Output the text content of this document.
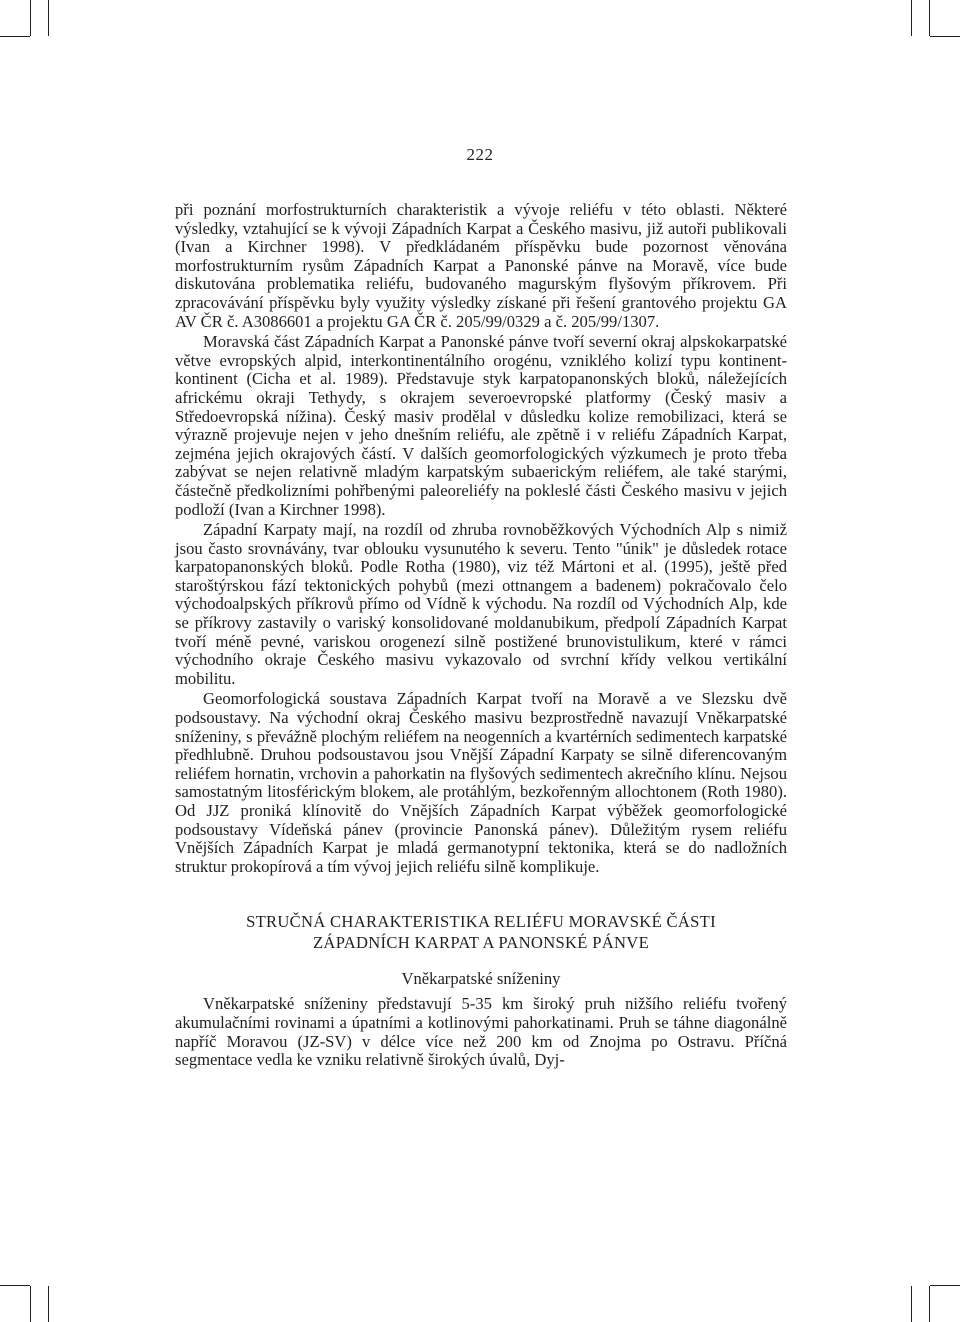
222

při poznání morfostrukturních charakteristik a vývoje reliéfu v této oblasti. Některé výsledky, vztahující se k vývoji Západních Karpat a Českého masivu, již autoři publikovali (Ivan a Kirchner 1998). V předkládaném příspěvku bude pozornost věnována morfostrukturním rysům Západních Karpat a Panonské pánve na Moravě, více bude diskutována problematika reliéfu, budovaného magurským flyšovým příkrovem. Při zpracovávání příspěvku byly využity výsledky získané při řešení grantového projektu GA AV ČR č. A3086601 a projektu GA ČR č. 205/99/0329 a č. 205/99/1307.

Moravská část Západních Karpat a Panonské pánve tvoří severní okraj alpskokarpatské větve evropských alpid, interkontinentálního orogénu, vzniklého kolizí typu kontinent-kontinent (Cicha et al. 1989). Představuje styk karpatopanonských bloků, náležejících africkému okraji Tethydy, s okrajem severoevropské platformy (Český masiv a Středoevropská nížina). Český masiv prodělal v důsledku kolize remobilizaci, která se výrazně projevuje nejen v jeho dnešním reliéfu, ale zpětně i v reliéfu Západních Karpat, zejména jejich okrajových částí. V dalších geomorfologických výzkumech je proto třeba zabývat se nejen relativně mladým karpatským subaerickým reliéfem, ale také starými, částečně předkolizními pohřbenými paleoreliéfy na pokleslé části Českého masivu v jejich podloží (Ivan a Kirchner 1998).

Západní Karpaty mají, na rozdíl od zhruba rovnoběžkových Východních Alp s nimiž jsou často srovnávány, tvar oblouku vysunutého k severu. Tento "únik" je důsledek rotace karpatopanonských bloků. Podle Rotha (1980), viz též Mártoni et al. (1995), ještě před staroštýrskou fází tektonických pohybů (mezi ottnangem a badenem) pokračovalo čelo východoalpských příkrovů přímo od Vídně k východu. Na rozdíl od Východních Alp, kde se příkrovy zastavily o variský konsolidované moldanubikum, předpolí Západních Karpat tvoří méně pevné, variskou orogenezí silně postižené brunovistulikum, které v rámci východního okraje Českého masivu vykazovalo od svrchní křídy velkou vertikální mobilitu.

Geomorfologická soustava Západních Karpat tvoří na Moravě a ve Slezsku dvě podsoustavy. Na východní okraj Českého masivu bezprostředně navazují Vněkarpatské sníženiny, s převážně plochým reliéfem na neogenních a kvartérních sedimentech karpatské předhlubně. Druhou podsoustavou jsou Vnější Západní Karpaty se silně diferencovaným reliéfem hornatin, vrchovin a pahorkatin na flyšových sedimentech akrečního klínu. Nejsou samostatným litosférickým blokem, ale protáhlým, bezkořenným allochtonem (Roth 1980). Od JJZ proniká klínovitě do Vnějších Západních Karpat výběžek geomorfologické podsoustavy Vídeňská pánev (provincie Panonská pánev). Důležitým rysem reliéfu Vnějších Západních Karpat je mladá germanotypní tektonika, která se do nadložních struktur prokopírová a tím vývoj jejich reliéfu silně komplikuje.

STRUČNÁ CHARAKTERISTIKA RELIÉFU MORAVSKÉ ČÁSTI
ZÁPADNÍCH KARPAT A PANONSKÉ PÁNVE
Vněkarpatské sníženiny

Vněkarpatské sníženiny představují 5-35 km široký pruh nižšího reliéfu tvořený akumulačními rovinami a úpatními a kotlinovými pahorkatinami. Pruh se táhne diagonálně napříč Moravou (JZ-SV) v délce více než 200 km od Znojma po Ostravu. Příčná segmentace vedla ke vzniku relativně širokých úvalů, Dyj-
